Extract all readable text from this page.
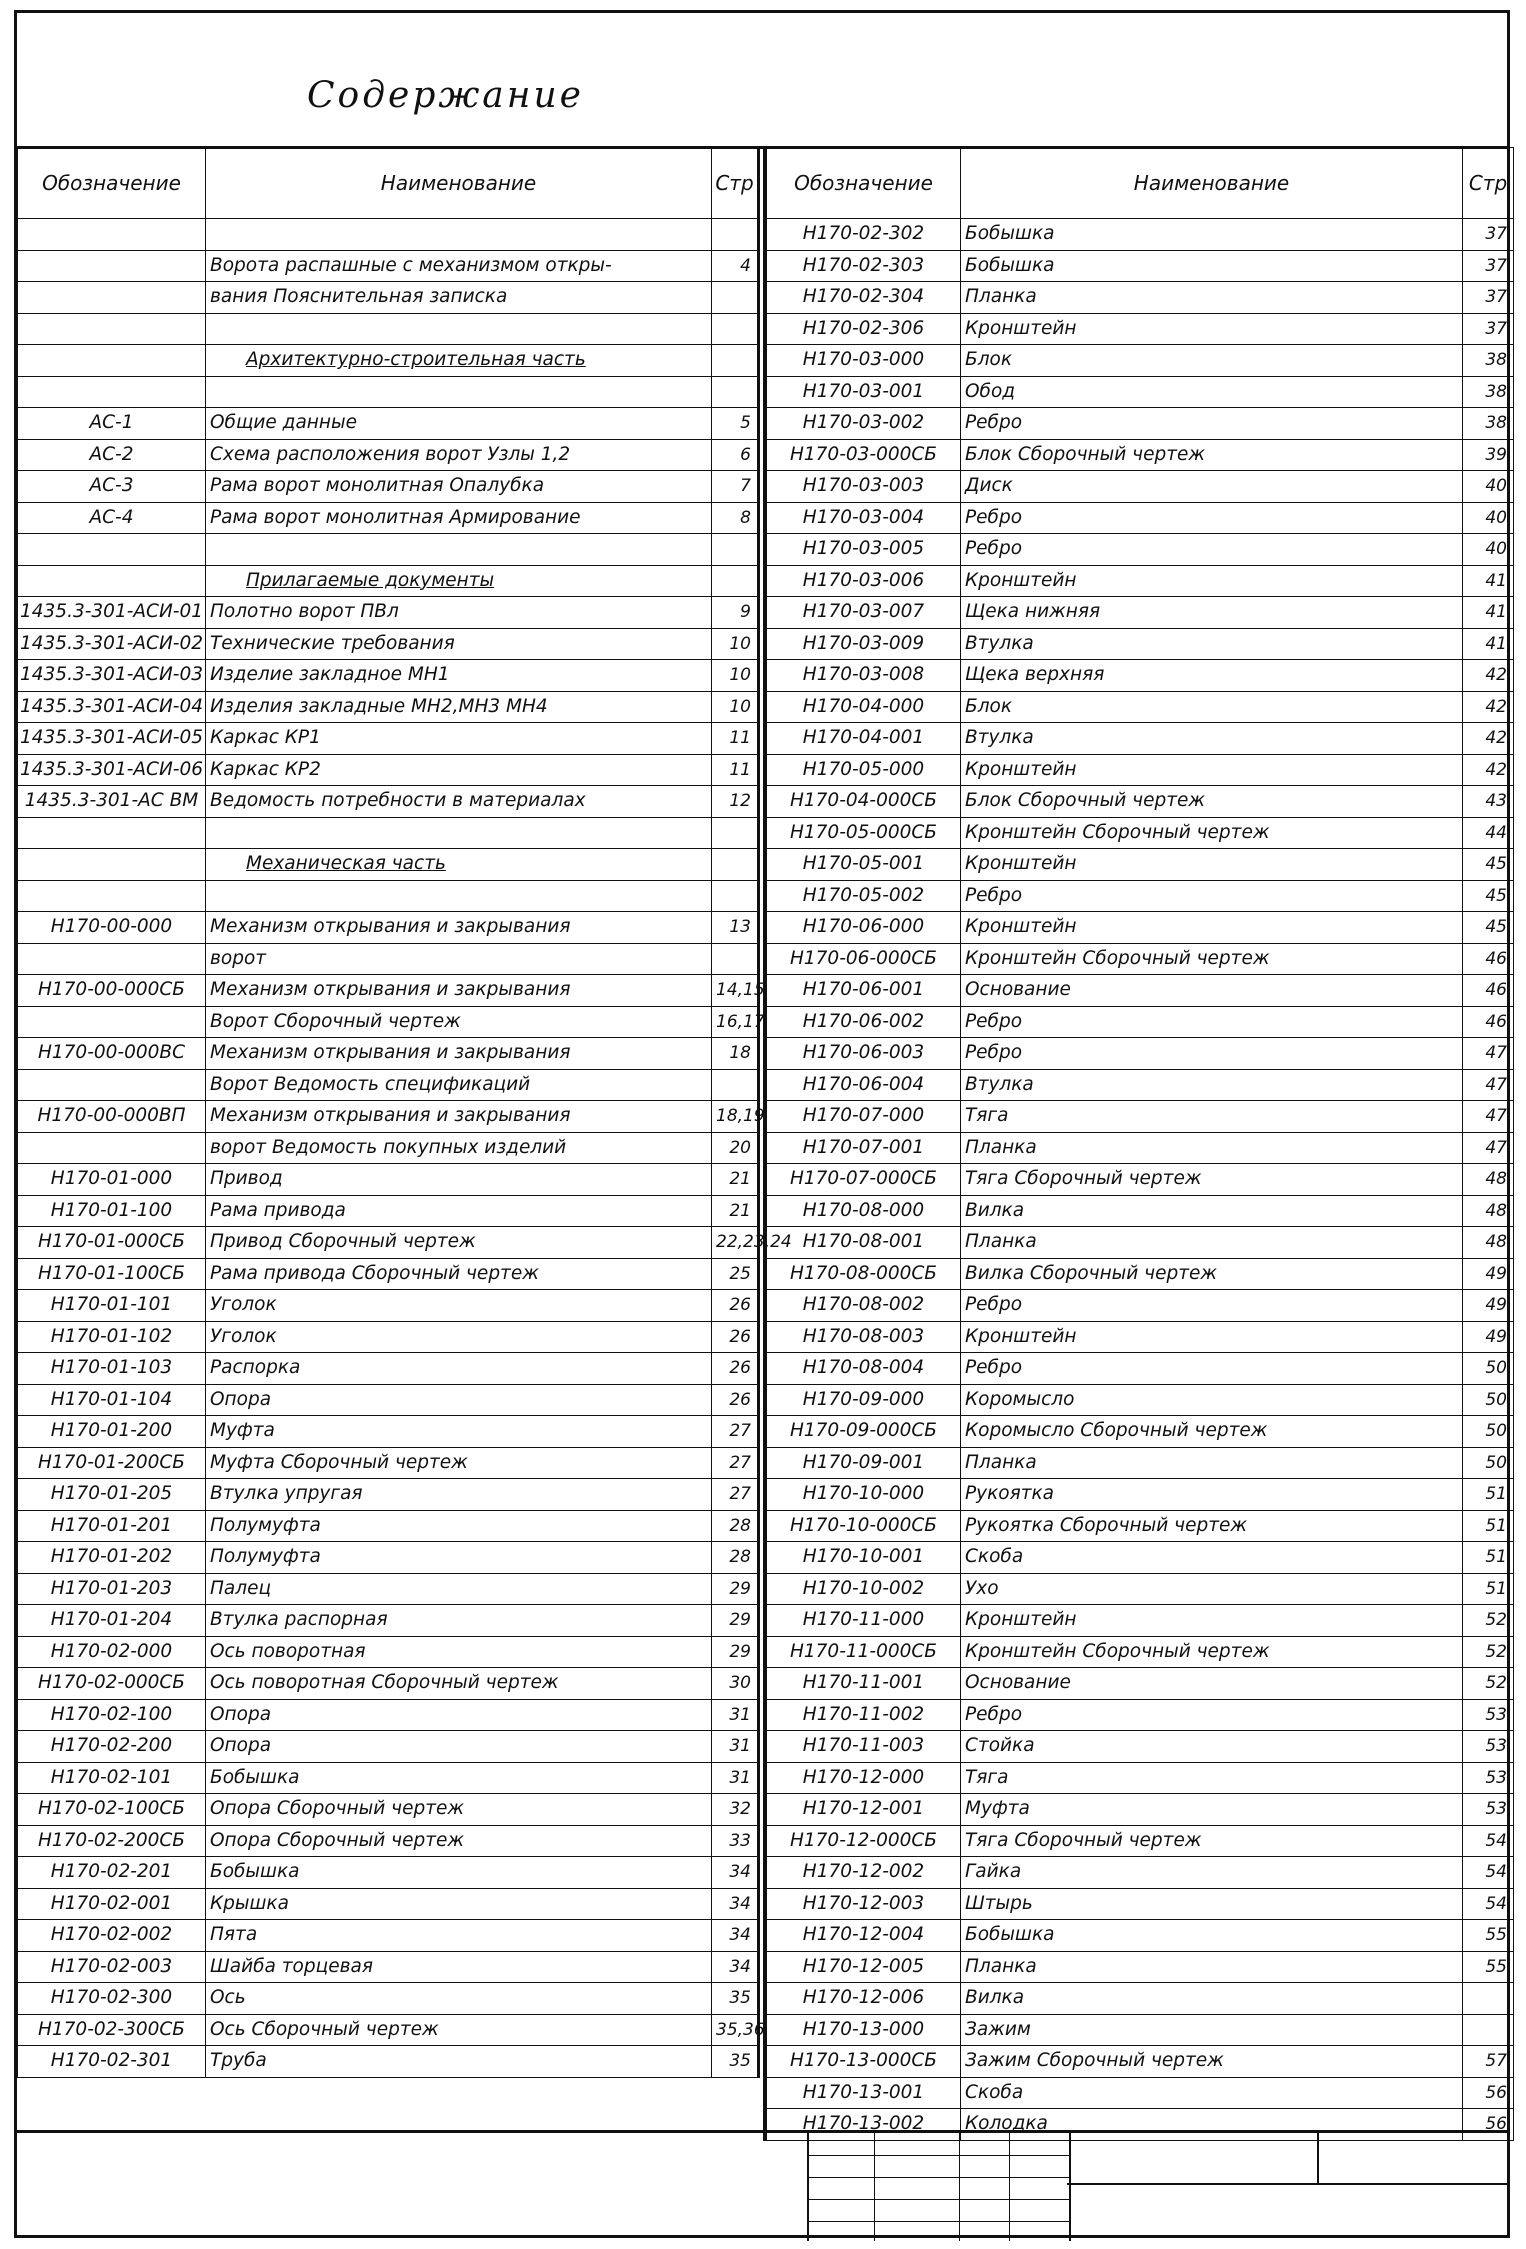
Содержание
Обозначение	Наименование	Стр

	Ворота распашные с механизмом откры-	4
	вания Пояснительная записка	

	Архитектурно-строительная часть	

АС-1	Общие данные	5
АС-2	Схема расположения ворот Узлы 1,2	6
АС-3	Рама ворот монолитная Опалубка	7
АС-4	Рама ворот монолитная Армирование	8

	Прилагаемые документы	
1435.3-301-АСИ-01	Полотно ворот ПВл	9
1435.3-301-АСИ-02	Технические требования	10
1435.3-301-АСИ-03	Изделие закладное МН1	10
1435.3-301-АСИ-04	Изделия закладные МН2,МН3 МН4	10
1435.3-301-АСИ-05	Каркас КР1	11
1435.3-301-АСИ-06	Каркас КР2	11
1435.3-301-АС ВМ	Ведомость потребности в материалах	12

	Механическая часть	

Н170-00-000	Механизм открывания и закрывания	13
	ворот	
Н170-00-000СБ	Механизм открывания и закрывания	14,15
	Ворот Сборочный чертеж	16,17
Н170-00-000ВС	Механизм открывания и закрывания	18
	Ворот Ведомость спецификаций	
Н170-00-000ВП	Механизм открывания и закрывания	18,19
	ворот Ведомость покупных изделий	20
Н170-01-000	Привод	21
Н170-01-100	Рама привода	21
Н170-01-000СБ	Привод Сборочный чертеж	22,23,24
Н170-01-100СБ	Рама привода Сборочный чертеж	25
Н170-01-101	Уголок	26
Н170-01-102	Уголок	26
Н170-01-103	Распорка	26
Н170-01-104	Опора	26
Н170-01-200	Муфта	27
Н170-01-200СБ	Муфта Сборочный чертеж	27
Н170-01-205	Втулка упругая	27
Н170-01-201	Полумуфта	28
Н170-01-202	Полумуфта	28
Н170-01-203	Палец	29
Н170-01-204	Втулка распорная	29
Н170-02-000	Ось поворотная	29
Н170-02-000СБ	Ось поворотная Сборочный чертеж	30
Н170-02-100	Опора	31
Н170-02-200	Опора	31
Н170-02-101	Бобышка	31
Н170-02-100СБ	Опора Сборочный чертеж	32
Н170-02-200СБ	Опора Сборочный чертеж	33
Н170-02-201	Бобышка	34
Н170-02-001	Крышка	34
Н170-02-002	Пята	34
Н170-02-003	Шайба торцевая	34
Н170-02-300	Ось	35
Н170-02-300СБ	Ось Сборочный чертеж	35,36
Н170-02-301	Труба	35
Обозначение	Наименование	Стр
Н170-02-302	Бобышка	37
Н170-02-303	Бобышка	37
Н170-02-304	Планка	37
Н170-02-306	Кронштейн	37
Н170-03-000	Блок	38
Н170-03-001	Обод	38
Н170-03-002	Ребро	38
Н170-03-000СБ	Блок Сборочный чертеж	39
Н170-03-003	Диск	40
Н170-03-004	Ребро	40
Н170-03-005	Ребро	40
Н170-03-006	Кронштейн	41
Н170-03-007	Щека нижняя	41
Н170-03-009	Втулка	41
Н170-03-008	Щека верхняя	42
Н170-04-000	Блок	42
Н170-04-001	Втулка	42
Н170-05-000	Кронштейн	42
Н170-04-000СБ	Блок Сборочный чертеж	43
Н170-05-000СБ	Кронштейн Сборочный чертеж	44
Н170-05-001	Кронштейн	45
Н170-05-002	Ребро	45
Н170-06-000	Кронштейн	45
Н170-06-000СБ	Кронштейн Сборочный чертеж	46
Н170-06-001	Основание	46
Н170-06-002	Ребро	46
Н170-06-003	Ребро	47
Н170-06-004	Втулка	47
Н170-07-000	Тяга	47
Н170-07-001	Планка	47
Н170-07-000СБ	Тяга Сборочный чертеж	48
Н170-08-000	Вилка	48
Н170-08-001	Планка	48
Н170-08-000СБ	Вилка Сборочный чертеж	49
Н170-08-002	Ребро	49
Н170-08-003	Кронштейн	49
Н170-08-004	Ребро	50
Н170-09-000	Коромысло	50
Н170-09-000СБ	Коромысло Сборочный чертеж	50
Н170-09-001	Планка	50
Н170-10-000	Рукоятка	51
Н170-10-000СБ	Рукоятка Сборочный чертеж	51
Н170-10-001	Скоба	51
Н170-10-002	Ухо	51
Н170-11-000	Кронштейн	52
Н170-11-000СБ	Кронштейн Сборочный чертеж	52
Н170-11-001	Основание	52
Н170-11-002	Ребро	53
Н170-11-003	Стойка	53
Н170-12-000	Тяга	53
Н170-12-001	Муфта	53
Н170-12-000СБ	Тяга Сборочный чертеж	54
Н170-12-002	Гайка	54
Н170-12-003	Штырь	54
Н170-12-004	Бобышка	55
Н170-12-005	Планка	55
Н170-12-006	Вилка	
Н170-13-000	Зажим	
Н170-13-000СБ	Зажим Сборочный чертеж	57
Н170-13-001	Скоба	56
Н170-13-002	Колодка	56
